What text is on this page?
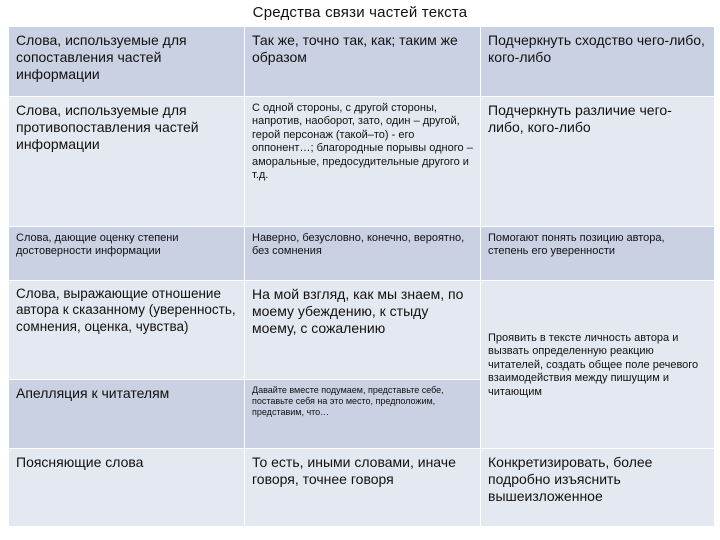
Средства связи частей текста
Слова, используемые для сопоставления частей информации	Так же, точно так, как; таким же образом	Подчеркнуть сходство чего-либо, кого-либо
Слова, используемые для противопоставления частей информации	С одной стороны, с другой стороны, напротив, наоборот, зато, один – другой, герой персонаж (такой–то) - его оппонент…; благородные порывы одного – аморальные, предосудительные другого и т.д.	Подчеркнуть различие чего-либо, кого-либо
Слова, дающие оценку степени достоверности информации	Наверно, безусловно, конечно, вероятно, без сомнения	Помогают понять позицию автора, степень его уверенности
Слова, выражающие отношение автора к сказанному (уверенность, сомнения, оценка, чувства)	На мой взгляд, как мы знаем, по моему убеждению, к стыду моему, с сожалению	Проявить в тексте личность автора и вызвать определенную реакцию читателей, создать общее поле речевого взаимодействия между пишущим и читающим
Апелляция к читателям	Давайте вместе подумаем, представьте себе, поставьте себя на это место, предположим, представим, что…	
Поясняющие слова	То есть, иными словами, иначе говоря, точнее говоря	Конкретизировать, более подробно изъяснить вышеизложенное
